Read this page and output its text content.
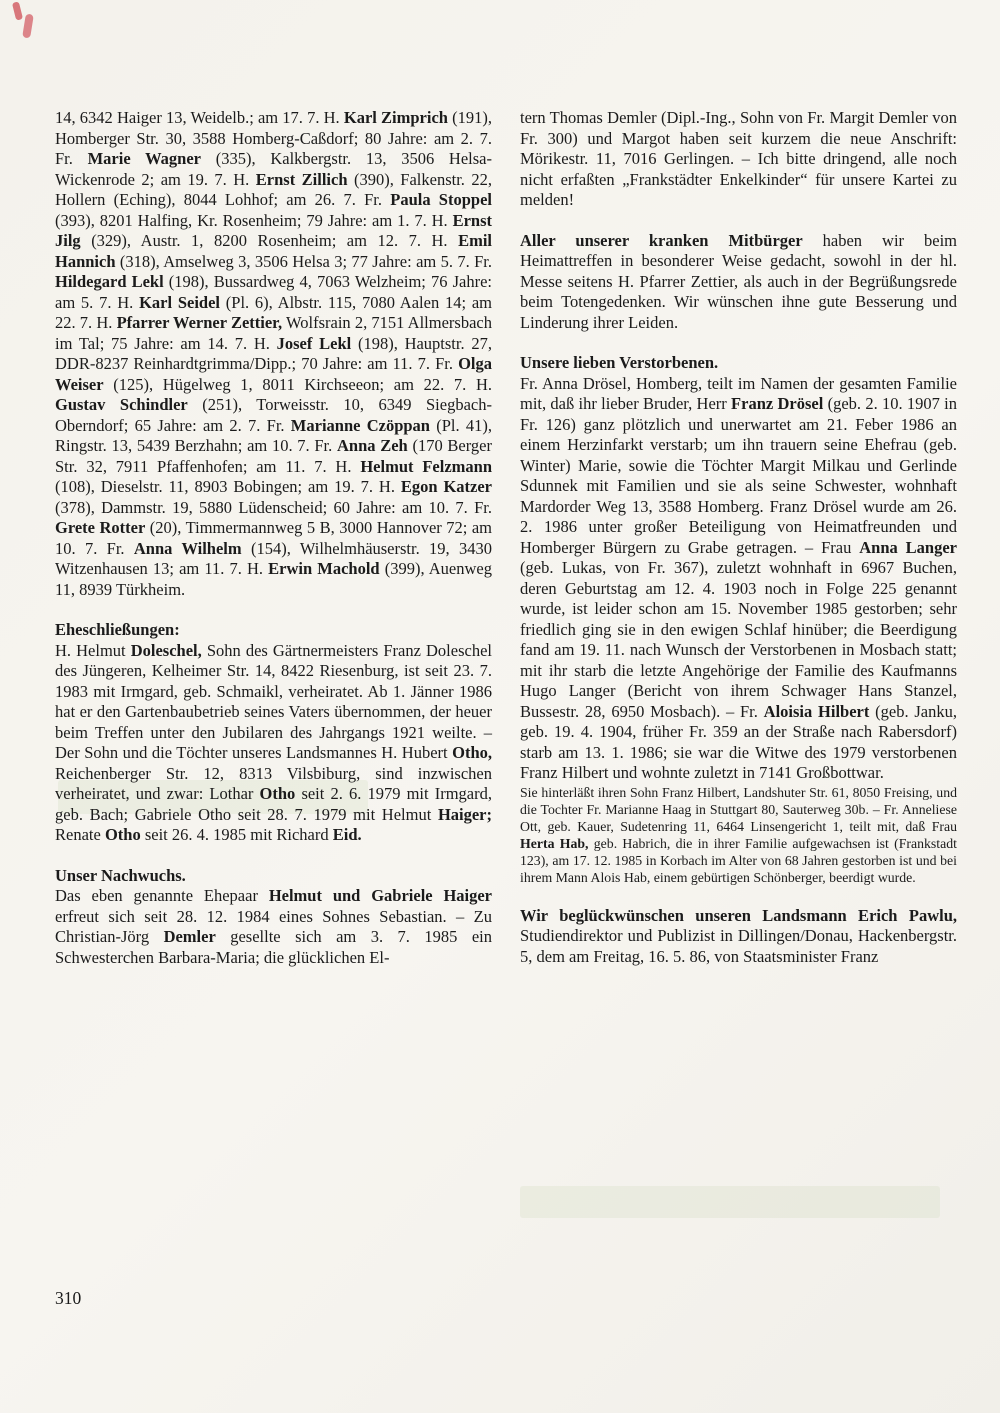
14, 6342 Haiger 13, Weidelb.; am 17. 7. H. Karl Zimprich (191), Homberger Str. 30, 3588 Homberg-Caßdorf; 80 Jahre: am 2. 7. Fr. Marie Wagner (335), Kalkbergstr. 13, 3506 Helsa-Wickenrode 2; am 19. 7. H. Ernst Zillich (390), Falkenstr. 22, Hollern (Eching), 8044 Lohhof; am 26. 7. Fr. Paula Stoppel (393), 8201 Halfing, Kr. Rosenheim; 79 Jahre: am 1. 7. H. Ernst Jilg (329), Austr. 1, 8200 Rosenheim; am 12. 7. H. Emil Hannich (318), Amselweg 3, 3506 Helsa 3; 77 Jahre: am 5. 7. Fr. Hildegard Lekl (198), Bussardweg 4, 7063 Welzheim; 76 Jahre: am 5. 7. H. Karl Seidel (Pl. 6), Albstr. 115, 7080 Aalen 14; am 22. 7. H. Pfarrer Werner Zettier, Wolfsrain 2, 7151 Allmersbach im Tal; 75 Jahre: am 14. 7. H. Josef Lekl (198), Hauptstr. 27, DDR-8237 Reinhardtgrimma/Dipp.; 70 Jahre: am 11. 7. Fr. Olga Weiser (125), Hügelweg 1, 8011 Kirchseeon; am 22. 7. H. Gustav Schindler (251), Torweisstr. 10, 6349 Siegbach-Oberndorf; 65 Jahre: am 2. 7. Fr. Marianne Czöppan (Pl. 41), Ringstr. 13, 5439 Berzhahn; am 10. 7. Fr. Anna Zeh (170 Berger Str. 32, 7911 Pfaffenhofen; am 11. 7. H. Helmut Felzmann (108), Dieselstr. 11, 8903 Bobingen; am 19. 7. H. Egon Katzer (378), Dammstr. 19, 5880 Lüdenscheid; 60 Jahre: am 10. 7. Fr. Grete Rotter (20), Timmermannweg 5 B, 3000 Hannover 72; am 10. 7. Fr. Anna Wilhelm (154), Wilhelmhäuserstr. 19, 3430 Witzenhausen 13; am 11. 7. H. Erwin Machold (399), Auenweg 11, 8939 Türkheim.

Eheschließungen:

H. Helmut Doleschel, Sohn des Gärtnermeisters Franz Doleschel des Jüngeren, Kelheimer Str. 14, 8422 Riesenburg, ist seit 23. 7. 1983 mit Irmgard, geb. Schmaikl, verheiratet. Ab 1. Jänner 1986 hat er den Gartenbaubetrieb seines Vaters übernommen, der heuer beim Treffen unter den Jubilaren des Jahrgangs 1921 weilte. – Der Sohn und die Töchter unseres Landsmannes H. Hubert Otho, Reichenberger Str. 12, 8313 Vilsbiburg, sind inzwischen verheiratet, und zwar: Lothar Otho seit 2. 6. 1979 mit Irmgard, geb. Bach; Gabriele Otho seit 28. 7. 1979 mit Helmut Haiger; Renate Otho seit 26. 4. 1985 mit Richard Eid.

Unser Nachwuchs.

Das eben genannte Ehepaar Helmut und Gabriele Haiger erfreut sich seit 28. 12. 1984 eines Sohnes Sebastian. – Zu Christian-Jörg Demler gesellte sich am 3. 7. 1985 ein Schwesterchen Barbara-Maria; die glücklichen El-

tern Thomas Demler (Dipl.-Ing., Sohn von Fr. Margit Demler von Fr. 300) und Margot haben seit kurzem die neue Anschrift: Mörikestr. 11, 7016 Gerlingen. – Ich bitte dringend, alle noch nicht erfaßten „Frankstädter Enkelkinder“ für unsere Kartei zu melden!

Aller unserer kranken Mitbürger haben wir beim Heimattreffen in besonderer Weise gedacht, sowohl in der hl. Messe seitens H. Pfarrer Zettier, als auch in der Begrüßungsrede beim Totengedenken. Wir wünschen ihne gute Besserung und Linderung ihrer Leiden.

Unsere lieben Verstorbenen.

Fr. Anna Drösel, Homberg, teilt im Namen der gesamten Familie mit, daß ihr lieber Bruder, Herr Franz Drösel (geb. 2. 10. 1907 in Fr. 126) ganz plötzlich und unerwartet am 21. Feber 1986 an einem Herzinfarkt verstarb; um ihn trauern seine Ehefrau (geb. Winter) Marie, sowie die Töchter Margit Milkau und Gerlinde Sdunnek mit Familien und sie als seine Schwester, wohnhaft Mardorder Weg 13, 3588 Homberg. Franz Drösel wurde am 26. 2. 1986 unter großer Beteiligung von Heimatfreunden und Homberger Bürgern zu Grabe getragen. – Frau Anna Langer (geb. Lukas, von Fr. 367), zuletzt wohnhaft in 6967 Buchen, deren Geburtstag am 12. 4. 1903 noch in Folge 225 genannt wurde, ist leider schon am 15. November 1985 gestorben; sehr friedlich ging sie in den ewigen Schlaf hinüber; die Beerdigung fand am 19. 11. nach Wunsch der Verstorbenen in Mosbach statt; mit ihr starb die letzte Angehörige der Familie des Kaufmanns Hugo Langer (Bericht von ihrem Schwager Hans Stanzel, Bussestr. 28, 6950 Mosbach). – Fr. Aloisia Hilbert (geb. Janku, geb. 19. 4. 1904, früher Fr. 359 an der Straße nach Rabersdorf) starb am 13. 1. 1986; sie war die Witwe des 1979 verstorbenen Franz Hilbert und wohnte zuletzt in 7141 Großbottwar.

Sie hinterläßt ihren Sohn Franz Hilbert, Landshuter Str. 61, 8050 Freising, und die Tochter Fr. Marianne Haag in Stuttgart 80, Sauterweg 30b. – Fr. Anneliese Ott, geb. Kauer, Sudetenring 11, 6464 Linsengericht 1, teilt mit, daß Frau Herta Hab, geb. Habrich, die in ihrer Familie aufgewachsen ist (Frankstadt 123), am 17. 12. 1985 in Korbach im Alter von 68 Jahren gestorben ist und bei ihrem Mann Alois Hab, einem gebürtigen Schönberger, beerdigt wurde.

Wir beglückwünschen unseren Landsmann Erich Pawlu, Studiendirektor und Publizist in Dillingen/Donau, Hackenbergstr. 5, dem am Freitag, 16. 5. 86, von Staatsminister Franz

310
